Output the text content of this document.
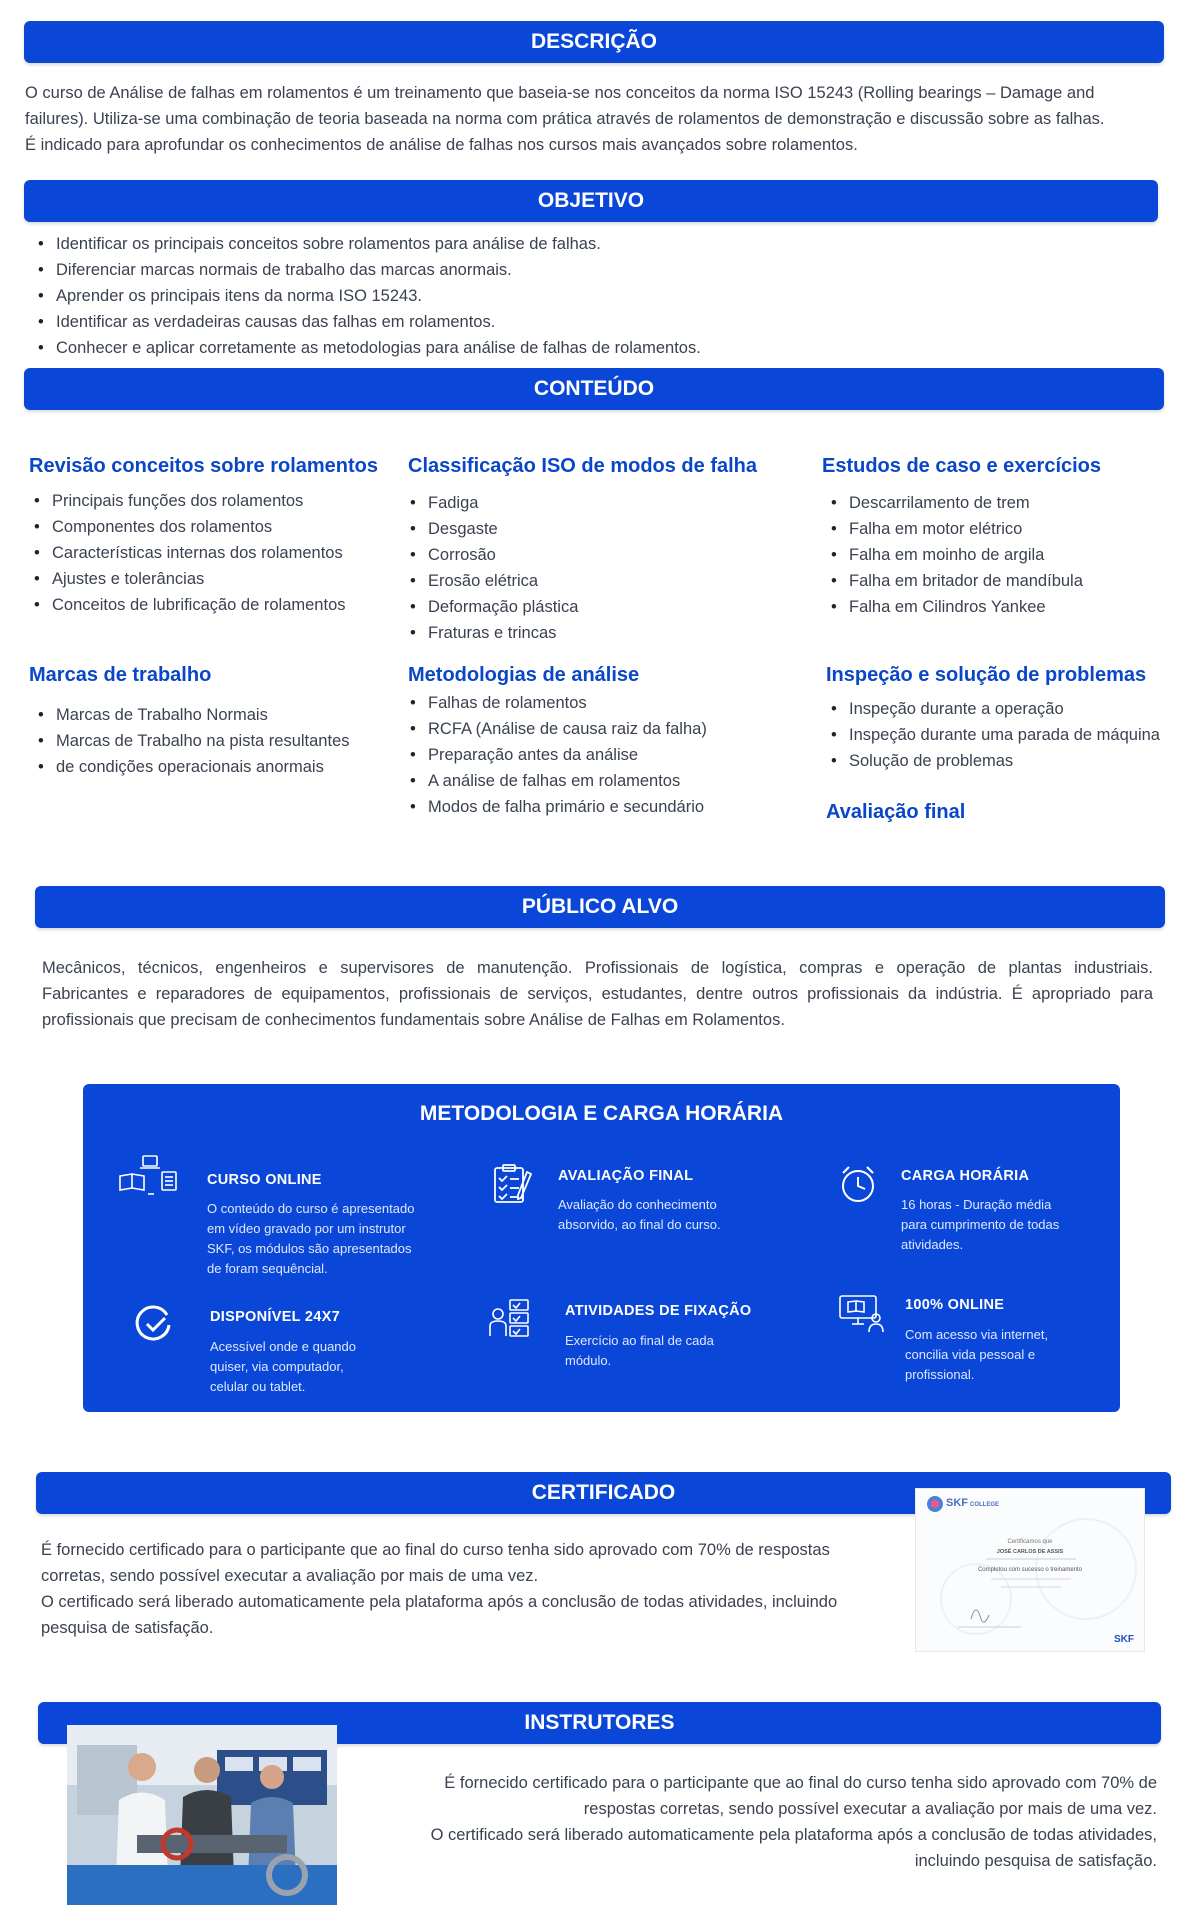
DESCRIÇÃO
O curso de Análise de falhas em rolamentos é um treinamento que baseia-se nos conceitos da norma ISO 15243 (Rolling bearings – Damage and
failures). Utiliza-se uma combinação de teoria baseada na norma com prática através de rolamentos de demonstração e discussão sobre as falhas.
É indicado para aprofundar os conhecimentos de análise de falhas nos cursos mais avançados sobre rolamentos.
OBJETIVO
• Identificar os principais conceitos sobre rolamentos para análise de falhas.
• Diferenciar marcas normais de trabalho das marcas anormais.
• Aprender os principais itens da norma ISO 15243.
• Identificar as verdadeiras causas das falhas em rolamentos.
• Conhecer e aplicar corretamente as metodologias para análise de falhas de rolamentos.
CONTEÚDO
Revisão conceitos sobre rolamentos
• Principais funções dos rolamentos
• Componentes dos rolamentos
• Características internas dos rolamentos
• Ajustes e tolerâncias
• Conceitos de lubrificação de rolamentos
Classificação ISO de modos de falha
• Fadiga
• Desgaste
• Corrosão
• Erosão elétrica
• Deformação plástica
• Fraturas e trincas
Estudos de caso e exercícios
• Descarrilamento de trem
• Falha em motor elétrico
• Falha em moinho de argila
• Falha em britador de mandíbula
• Falha em Cilindros Yankee
Marcas de trabalho
• Marcas de Trabalho Normais
• Marcas de Trabalho na pista resultantes
• de condições operacionais anormais
Metodologias de análise
• Falhas de rolamentos
• RCFA (Análise de causa raiz da falha)
• Preparação antes da análise
• A análise de falhas em rolamentos
• Modos de falha primário e secundário
Inspeção e solução de problemas
• Inspeção durante a operação
• Inspeção durante uma parada de máquina
• Solução de problemas
Avaliação final
PÚBLICO ALVO
Mecânicos, técnicos, engenheiros e supervisores de manutenção. Profissionais de logística, compras e operação de plantas industriais.
Fabricantes e reparadores de equipamentos, profissionais de serviços, estudantes, dentre outros profissionais da indústria. É apropriado para
profissionais que precisam de conhecimentos fundamentais sobre Análise de Falhas em Rolamentos.
METODOLOGIA E CARGA HORÁRIA
CURSO ONLINE
O conteúdo do curso é apresentado
em vídeo gravado por um instrutor
SKF, os módulos são apresentados
de foram sequêncial.
AVALIAÇÃO FINAL
Avaliação do conhecimento
absorvido, ao final do curso.
CARGA HORÁRIA
16 horas - Duração média
para cumprimento de todas
atividades.
DISPONÍVEL 24X7
Acessível onde e quando
quiser, via computador,
celular ou tablet.
ATIVIDADES DE FIXAÇÃO
Exercício ao final de cada
módulo.
100% ONLINE
Com acesso via internet,
concilia vida pessoal e
profissional.
CERTIFICADO
É fornecido certificado para o participante que ao final do curso tenha sido aprovado com 70% de respostas
corretas, sendo possível executar a avaliação por mais de uma vez.
O certificado será liberado automaticamente pela plataforma após a conclusão de todas atividades, incluindo
pesquisa de satisfação.
SKF COLLEGE
Certificamos que
JOSÉ CARLOS DE ASSIS
Completou com sucesso o treinamento
SKF
INSTRUTORES
É fornecido certificado para o participante que ao final do curso tenha sido aprovado com 70% de
respostas corretas, sendo possível executar a avaliação por mais de uma vez.
O certificado será liberado automaticamente pela plataforma após a conclusão de todas atividades,
incluindo pesquisa de satisfação.
